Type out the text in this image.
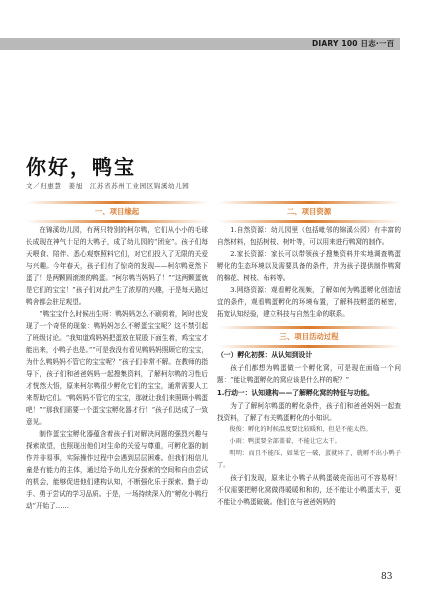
DIARY 100 日志·一百
你好，鸭宝
文／归惠慧　姜旭　江苏省苏州工业园区锦溪幼儿园
一、项目缘起

在锦溪幼儿园，有两只特别的柯尔鸭，它们从小小的毛球长成现在神气十足的大鸭子，成了幼儿园的“团宠”。孩子们每天喂食、陪伴、悉心观察照料它们，对它们投入了无限的关爱与兴趣。今年春天，孩子们有了惊奇的发现——柯尔鸭竟然下蛋了！是两颗圆滚滚的鸭蛋。“柯尔鸭当妈妈了！”“这两颗蛋就是它们的宝宝！”孩子们对此产生了浓厚的兴趣，于是每天路过鸭舍都会驻足观望。

“鸭宝宝什么时候出生呀：鸭妈妈怎么不刷荷着，阿时也发现了一个奇怪的现象：鸭妈妈怎么不孵蛋宝宝呢？这不禁引起了班级讨论。“我知道鸡妈妈把蛋放在屁股下面生着，鸡宝宝才能出来，小鸭子也是。”“可是我没有看见鸭妈妈照顾它的宝宝，为什么鸭妈妈不管它的宝宝呢？”孩子们非常不解。在教师的指导下，孩子们和爸爸妈妈一起搜集资料，了解柯尔鸭的习性后才恍然大悟，原来柯尔鸭很少孵化它们的宝宝，通常需要人工来帮助它们。“鸭妈妈不管它的宝宝，那就让我们来照顾小鸭蛋吧！”“那我们需要一个蛋宝宝孵化器才行！”孩子们达成了一致意见。

制作蛋宝宝孵化器蕴含着孩子们对解决问题的强烈兴趣与探索欲望，也照现出他们对生命的关爱与尊重，可孵化器的制作并非易事，实际操作过程中会遇到层层困难。但我们相信儿童是有能力的主体，通过给予幼儿充分探索的空间和自由尝试的机会，能够促进他们建构认知，不断强化乐于探索、勤于动手、勇于尝试的学习品质。于是，一场持续深入的“孵化小鸭行动”开始了……

二、项目资源

1.自然资源：幼儿园里（包括毗邻的锦溪公园）有丰富的自然材料，包括树枝、树叶等，可以用来进行鸭窝的制作。

2.家长资源：家长可以带领孩子搜集资料并实地调查鸭蛋孵化的生态环境以及需要具备的条件，并为孩子提供制作鸭窝的棉花、树枝、布料等。

3.网络资源：观看孵化视频，了解如何为鸭蛋孵化创造适宜的条件，观看鸭蛋孵化的环境布置，了解科技孵蛋的秘密，拓宽认知经验，建立科技与自然生命的联系。

三、项目活动过程
（一）孵化初探：从认知到设计

孩子们都想为鸭蛋做一个孵化窝，可是现在面临一个问题：“能让鸭蛋孵化的窝应该是什么样的呢？”

1.行动一：认知建构——了解孵化窝的特征与功能。

为了了解柯尔鸭蛋的孵化条件，孩子们和爸爸妈妈一起查找资料，了解了有关鸭蛋孵化的小知识。

俊俊：孵化的时候温度要比较暖和，但是不能太热。

小雨：鸭蛋要全部盖着，不能让它太干。

明明：而且不能压，如果它一破，蛋就坏了，就孵不出小鸭子了。

孩子们发现，原来让小鸭子从鸭蛋破壳而出可不容易呀！不仅需要把孵化窝做得暖暖和和的，还不能让小鸭蛋太干，更不能让小鸭蛋破破。他们在与爸爸妈妈的

83
